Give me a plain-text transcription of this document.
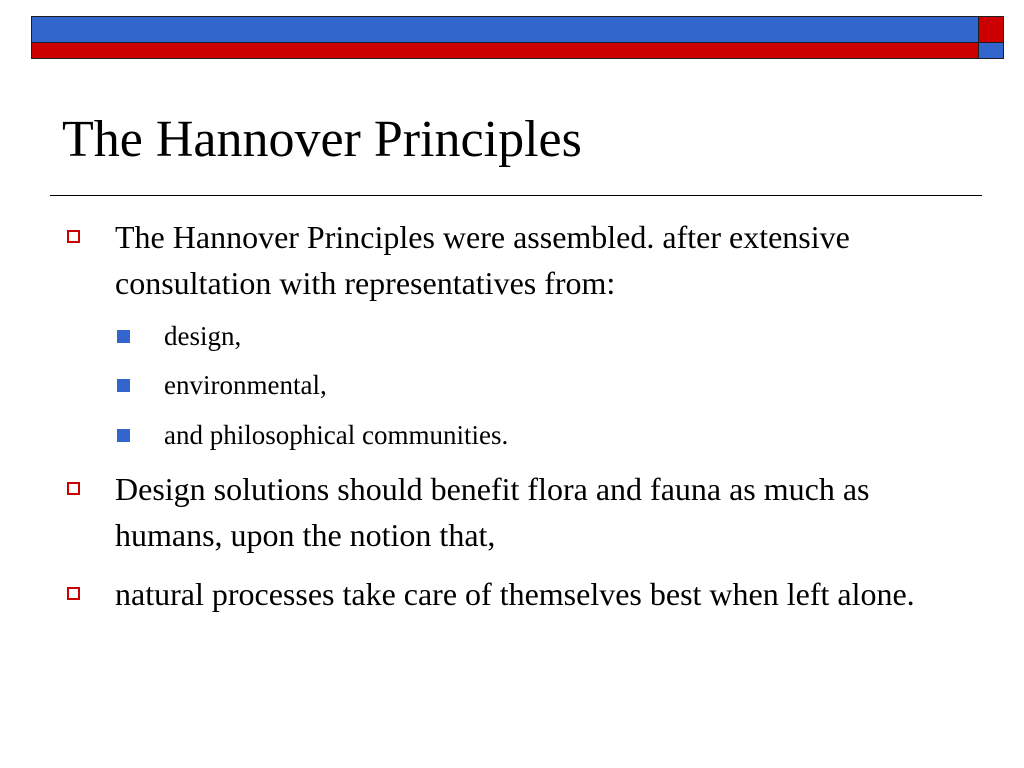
The Hannover Principles
The Hannover Principles were assembled. after extensive consultation with representatives from:
design,
environmental,
and philosophical communities.
Design solutions should benefit flora and fauna as much as humans, upon the notion that,
natural processes take care of themselves best when left alone.
